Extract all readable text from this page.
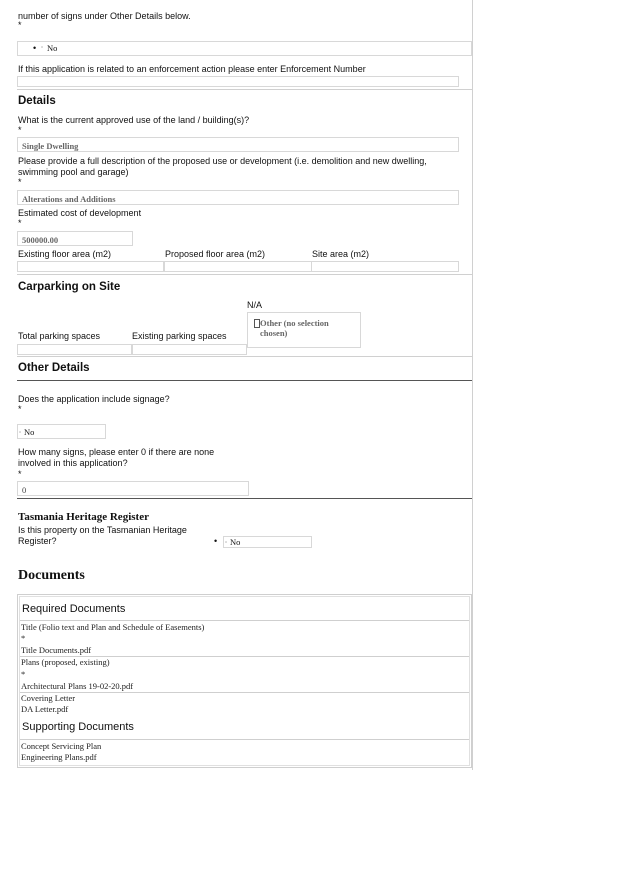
number of signs under Other Details below.
*
• ▫ No
If this application is related to an enforcement action please enter Enforcement Number
Details
What is the current approved use of the land / building(s)?
*
Single Dwelling
Please provide a full description of the proposed use or development (i.e. demolition and new dwelling, swimming pool and garage)
*
Alterations and Additions
Estimated cost of development
*
500000.00
Existing floor area (m2)	Proposed floor area (m2)	Site area (m2)
Carparking on Site
N/A
Other (no selection chosen)
Total parking spaces	Existing parking spaces
Other Details
Does the application include signage?
*
▫ No
How many signs, please enter 0 if there are none involved in this application?
*
0
Tasmania Heritage Register
Is this property on the Tasmanian Heritage Register?	• ▫ No
Documents
Required Documents
Title (Folio text and Plan and Schedule of Easements)
*
Title Documents.pdf
Plans (proposed, existing)
*
Architectural Plans 19-02-20.pdf
Covering Letter
DA Letter.pdf
Supporting Documents
Concept Servicing Plan
Engineering Plans.pdf
